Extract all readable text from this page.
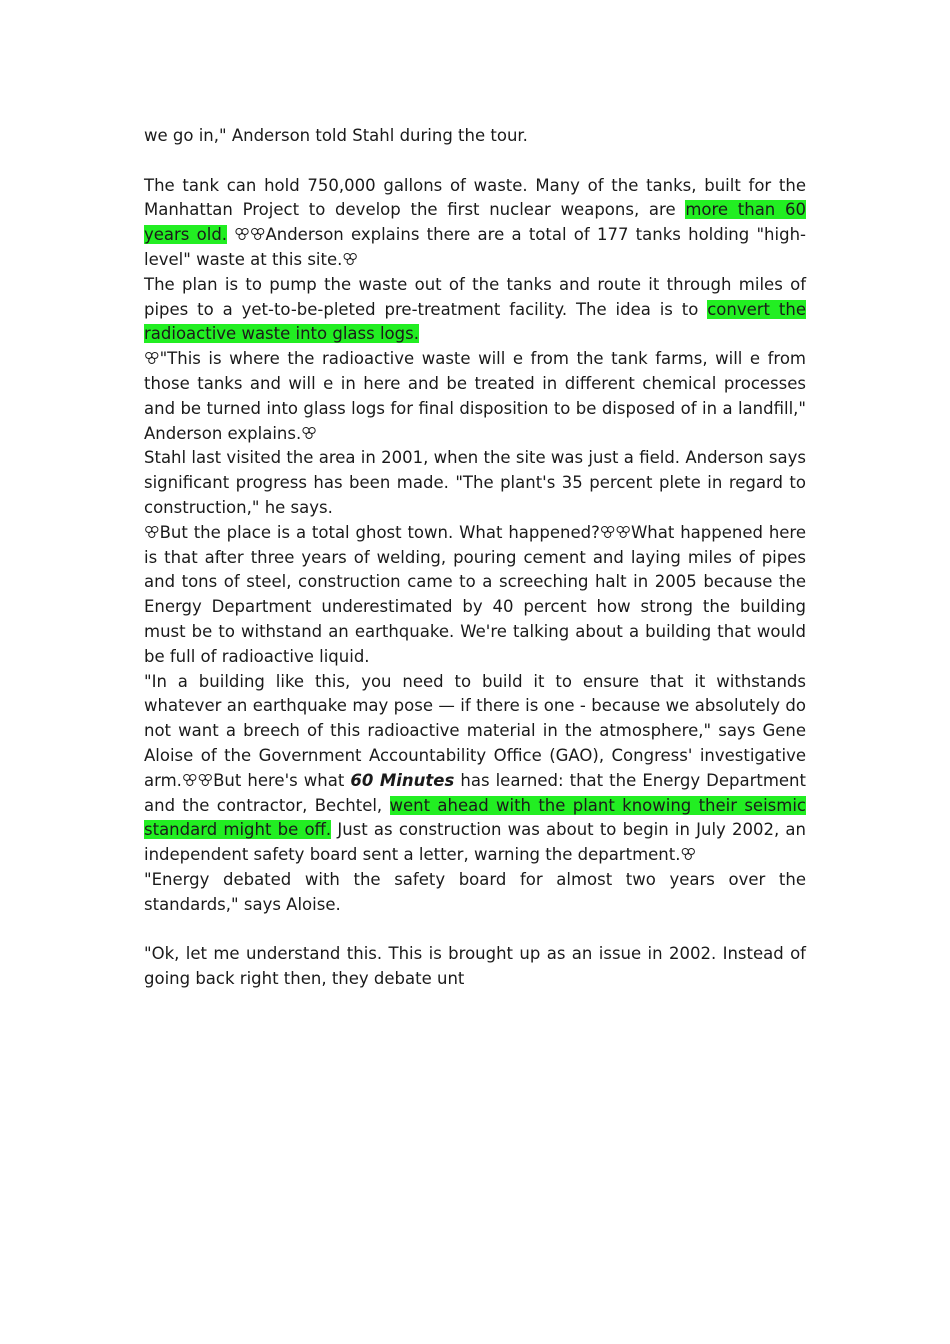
we go in," Anderson told Stahl during the tour.
The tank can hold 750,000 gallons of waste. Many of the tanks, built for the Manhattan Project to develop the first nuclear weapons, are more than 60 years old. ꕢꕢAnderson explains there are a total of 177 tanks holding "high-level" waste at this site.ꕢ
The plan is to pump the waste out of the tanks and route it through miles of pipes to a yet-to-be-pleted pre-treatment facility. The idea is to convert the radioactive waste into glass logs.
ꕢ"This is where the radioactive waste will e from the tank farms, will e from those tanks and will e in here and be treated in different chemical processes and be turned into glass logs for final disposition to be disposed of in a landfill," Anderson explains.ꕢ
Stahl last visited the area in 2001, when the site was just a field. Anderson says significant progress has been made. "The plant's 35 percent plete in regard to construction," he says.
ꕢBut the place is a total ghost town. What happened?ꕢꕢWhat happened here is that after three years of welding, pouring cement and laying miles of pipes and tons of steel, construction came to a screeching halt in 2005 because the Energy Department underestimated by 40 percent how strong the building must be to withstand an earthquake. We're talking about a building that would be full of radioactive liquid.
"In a building like this, you need to build it to ensure that it withstands whatever an earthquake may pose — if there is one - because we absolutely do not want a breech of this radioactive material in the atmosphere," says Gene Aloise of the Government Accountability Office (GAO), Congress' investigative arm.ꕢꕢBut here's what 60 Minutes has learned: that the Energy Department and the contractor, Bechtel, went ahead with the plant knowing their seismic standard might be off. Just as construction was about to begin in July 2002, an independent safety board sent a letter, warning the department.ꕢ
"Energy debated with the safety board for almost two years over the standards," says Aloise.
"Ok, let me understand this. This is brought up as an issue in 2002. Instead of going back right then, they debate unt
